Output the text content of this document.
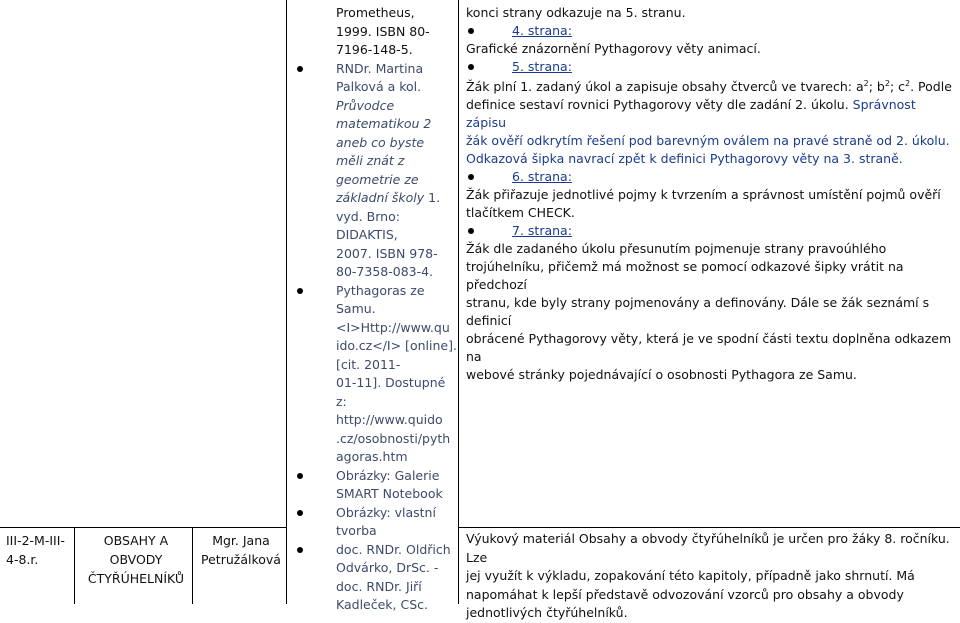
III-2-M-III-4-8.r.
OBSAHY A OBVODY ČTYŘÚHELNÍKŮ
Mgr. Jana Petružálková
Prometheus,
1999. ISBN 80-
7196-148-5.
RNDr. Martina
Palková a kol.
Průvodce
matematikou 2
aneb co byste
měli znát z
geometrie ze
základní školy 1.
vyd. Brno:
DIDAKTIS,
2007. ISBN 978-
80-7358-083-4.
Pythagoras ze
Samu.
<I>Http://www.qu
ido.cz</I> [online].
[cit. 2011-
01-11]. Dostupné
z:
http://www.quido
.cz/osobnosti/pyth
agoras.htm
Obrázky: Galerie
SMART Notebook
Obrázky: vlastní
tvorba
doc. RNDr. Oldřich
Odvárko, DrSc. -
doc. RNDr. Jiří
Kadleček, CSc.

konci strany odkazuje na 5. stranu.

4. strana:

Grafické znázornění Pythagorovy věty animací.

5. strana:

Žák plní 1. zadaný úkol a zapisuje obsahy čtverců ve tvarech: $a^2$; $b^2$; $c^2$. Podle

definice sestaví rovnici Pythagorovy věty dle zadání 2. úkolu. Správnost zápisu

žák ověří odkrytím řešení pod barevným oválem na pravé straně od 2. úkolu.

Odkazová šipka navrací zpět k definici Pythagorovy věty na 3. straně.

6. strana:

Žák přiřazuje jednotlivé pojmy k tvrzením a správnost umístění pojmů ověří

tlačítkem CHECK.

7. strana:

Žák dle zadaného úkolu přesunutím pojmenuje strany pravoúhlého

trojúhelníku, přičemž má možnost se pomocí odkazové šipky vrátit na předchozí

stranu, kde byly strany pojmenovány a definovány. Dále se žák seznámí s definicí

obrácené Pythagorovy věty, která je ve spodní části textu doplněna odkazem na

webové stránky pojednávající o osobnosti Pythagora ze Samu.

Výukový materiál Obsahy a obvody čtyřúhelníků je určen pro žáky 8. ročníku. Lze

jej využít k výkladu, zopakování této kapitoly, případně jako shrnutí. Má

napomáhat k lepší představě odvozování vzorců pro obsahy a obvody

jednotlivých čtyřúhelníků.
